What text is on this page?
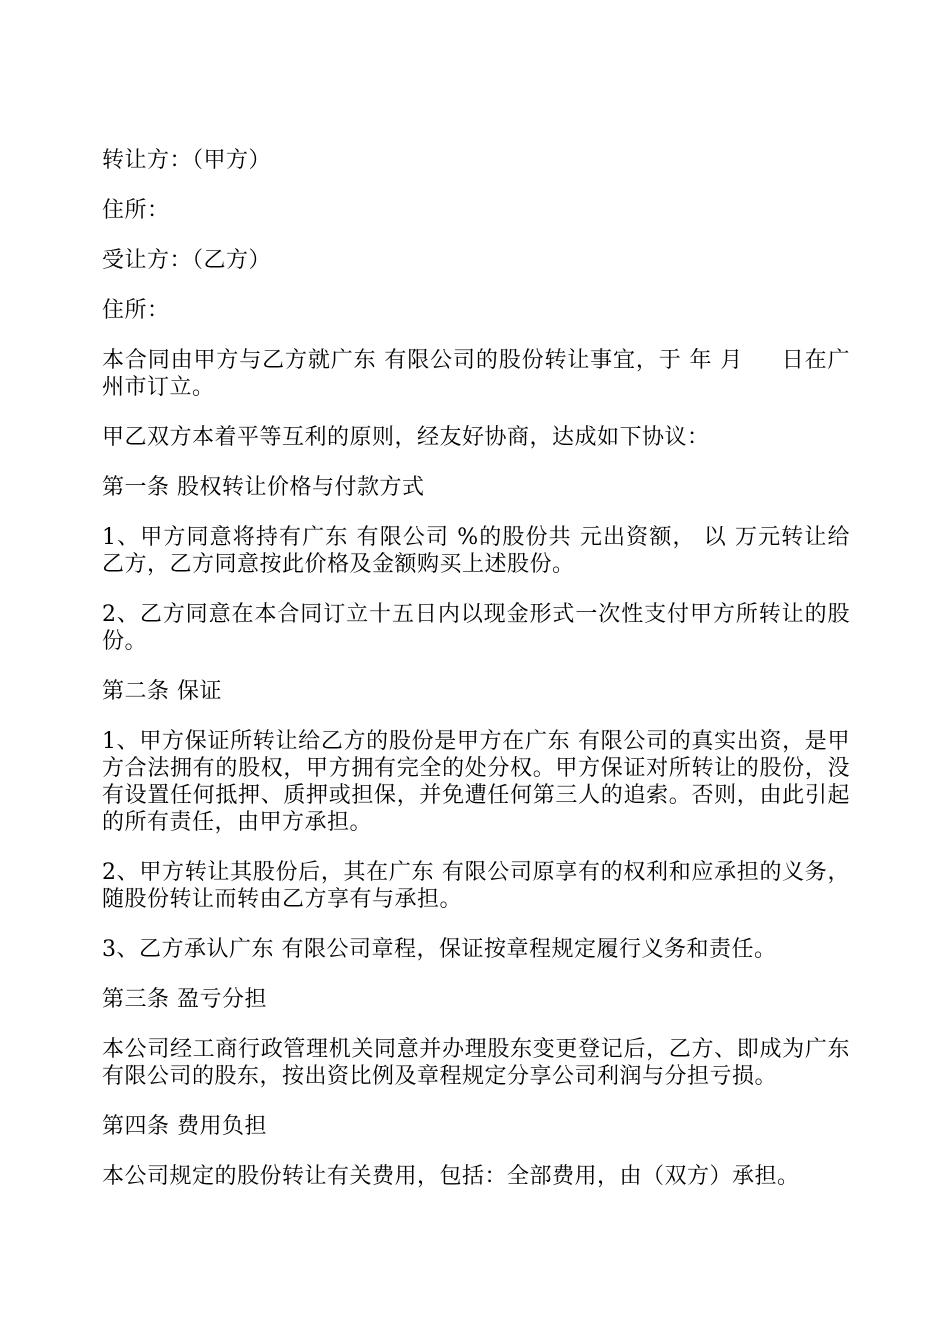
转让方：（甲方）

住所：

受让方：（乙方）

住所：

本合同由甲方与乙方就广东 有限公司的股份转让事宜，于 年 月 　 日在广州市订立。

甲乙双方本着平等互利的原则，经友好协商，达成如下协议：

第一条 股权转让价格与付款方式

1、甲方同意将持有广东 有限公司 %的股份共 元出资额， 以 万元转让给乙方，乙方同意按此价格及金额购买上述股份。

2、乙方同意在本合同订立十五日内以现金形式一次性支付甲方所转让的股份。

第二条 保证

1、甲方保证所转让给乙方的股份是甲方在广东 有限公司的真实出资，是甲方合法拥有的股权，甲方拥有完全的处分权。甲方保证对所转让的股份，没有设置任何抵押、质押或担保，并免遭任何第三人的追索。否则，由此引起的所有责任，由甲方承担。

2、甲方转让其股份后，其在广东 有限公司原享有的权利和应承担的义务，随股份转让而转由乙方享有与承担。

3、乙方承认广东 有限公司章程，保证按章程规定履行义务和责任。

第三条 盈亏分担

本公司经工商行政管理机关同意并办理股东变更登记后，乙方、即成为广东 有限公司的股东，按出资比例及章程规定分享公司利润与分担亏损。

第四条 费用负担

本公司规定的股份转让有关费用，包括：全部费用，由（双方）承担。
